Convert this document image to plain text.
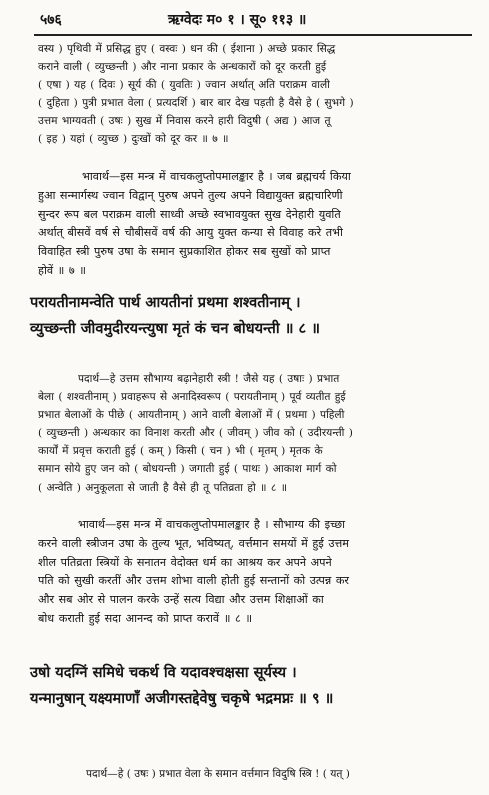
५७६	ऋग्वेदः म० १ । सू० ११३ ॥
वस्य ) पृथिवी में प्रसिद्ध हुए ( वस्वः ) धन की ( ईशाना ) अच्छे प्रकार सिद्ध
कराने वाली ( व्युच्छन्ती ) और नाना प्रकार के अन्धकारों को दूर करती हुई
( एषा ) यह ( दिवः ) सूर्य की ( युवतिः ) ज्वान अर्थात् अति पराक्रम वाली
( दुहिता ) पुत्री प्रभात वेला ( प्रत्यदर्शि ) बार बार देख पड़ती है वैसे हे ( सुभगे )
उत्तम भाग्यवती ( उषः ) सुख में निवास करने हारी विदुषी ( अद्य ) आज तू
( इह ) यहां ( व्युच्छ ) दुःखों को दूर कर ॥ ७ ॥
भावार्थ—इस मन्त्र में वाचकलुप्तोपमालङ्कार है । जब ब्रह्मचर्य किया
हुआ सन्मार्गस्थ ज्वान विद्वान् पुरुष अपने तुल्य अपने विद्यायुक्त ब्रह्मचारिणी
सुन्दर रूप बल पराक्रम वाली साध्वी अच्छे स्वभावयुक्त सुख देनेहारी युवति
अर्थात् बीसवें वर्ष से चौबीसवें वर्ष की आयु युक्त कन्या से विवाह करे तभी
विवाहित स्त्री पुरुष उषा के समान सुप्रकाशित होकर सब सुखों को प्राप्त
होवें ॥ ७ ॥
परायतीनामन्वेति पार्थ आयतीनां प्रथमा शश्वतीनाम् ।
व्युच्छन्ती जीवमुदीरयन्त्युषा मृतं कं चन बोधयन्ती ॥ ८ ॥
पदार्थ—हे उत्तम सौभाग्य बढ़ानेहारी स्त्री ! जैसे यह ( उषाः ) प्रभात
बेला ( शश्वतीनाम् ) प्रवाहरूप से अनादिस्वरूप ( परायतीनाम् ) पूर्व व्यतीत हुई
प्रभात बेलाओं के पीछे ( आयतीनाम् ) आने वाली बेलाओं में ( प्रथमा ) पहिली
( व्युच्छन्ती ) अन्धकार का विनाश करती और ( जीवम् ) जीव को ( उदीरयन्ती )
कार्यों में प्रवृत्त कराती हुई ( कम् ) किसी ( चन ) भी ( मृतम् ) मृतक के
समान सोये हुए जन को ( बोधयन्ती ) जगाती हुई ( पाथः ) आकाश मार्ग को
( अन्वेति ) अनुकूलता से जाती है वैसे ही तू पतिव्रता हो ॥ ८ ॥
भावार्थ—इस मन्त्र में वाचकलुप्तोपमालङ्कार है । सौभाग्य की इच्छा
करने वाली स्त्रीजन उषा के तुल्य भूत, भविष्यत्, वर्त्तमान समयों में हुई उत्तम
शील पतिव्रता स्त्रियों के सनातन वेदोक्त धर्म का आश्रय कर अपने अपने
पति को सुखी करतीं और उत्तम शोभा वाली होती हुई सन्तानों को उत्पन्न कर
और सब ओर से पालन करके उन्हें सत्य विद्या और उत्तम शिक्षाओं का
बोध कराती हुई सदा आनन्द को प्राप्त करावें ॥ ८ ॥
उषो यदग्निं समिधे चकर्थ वि यदावश्चक्षसा सूर्यस्य ।
यन्मानुषान् यक्ष्यमाणाँ अजीगस्तद्देवेषु चकृषे भद्रमप्नः ॥ ९ ॥
पदार्थ—हे ( उषः ) प्रभात वेला के समान वर्त्तमान विदुषि स्त्रि ! ( यत् )
